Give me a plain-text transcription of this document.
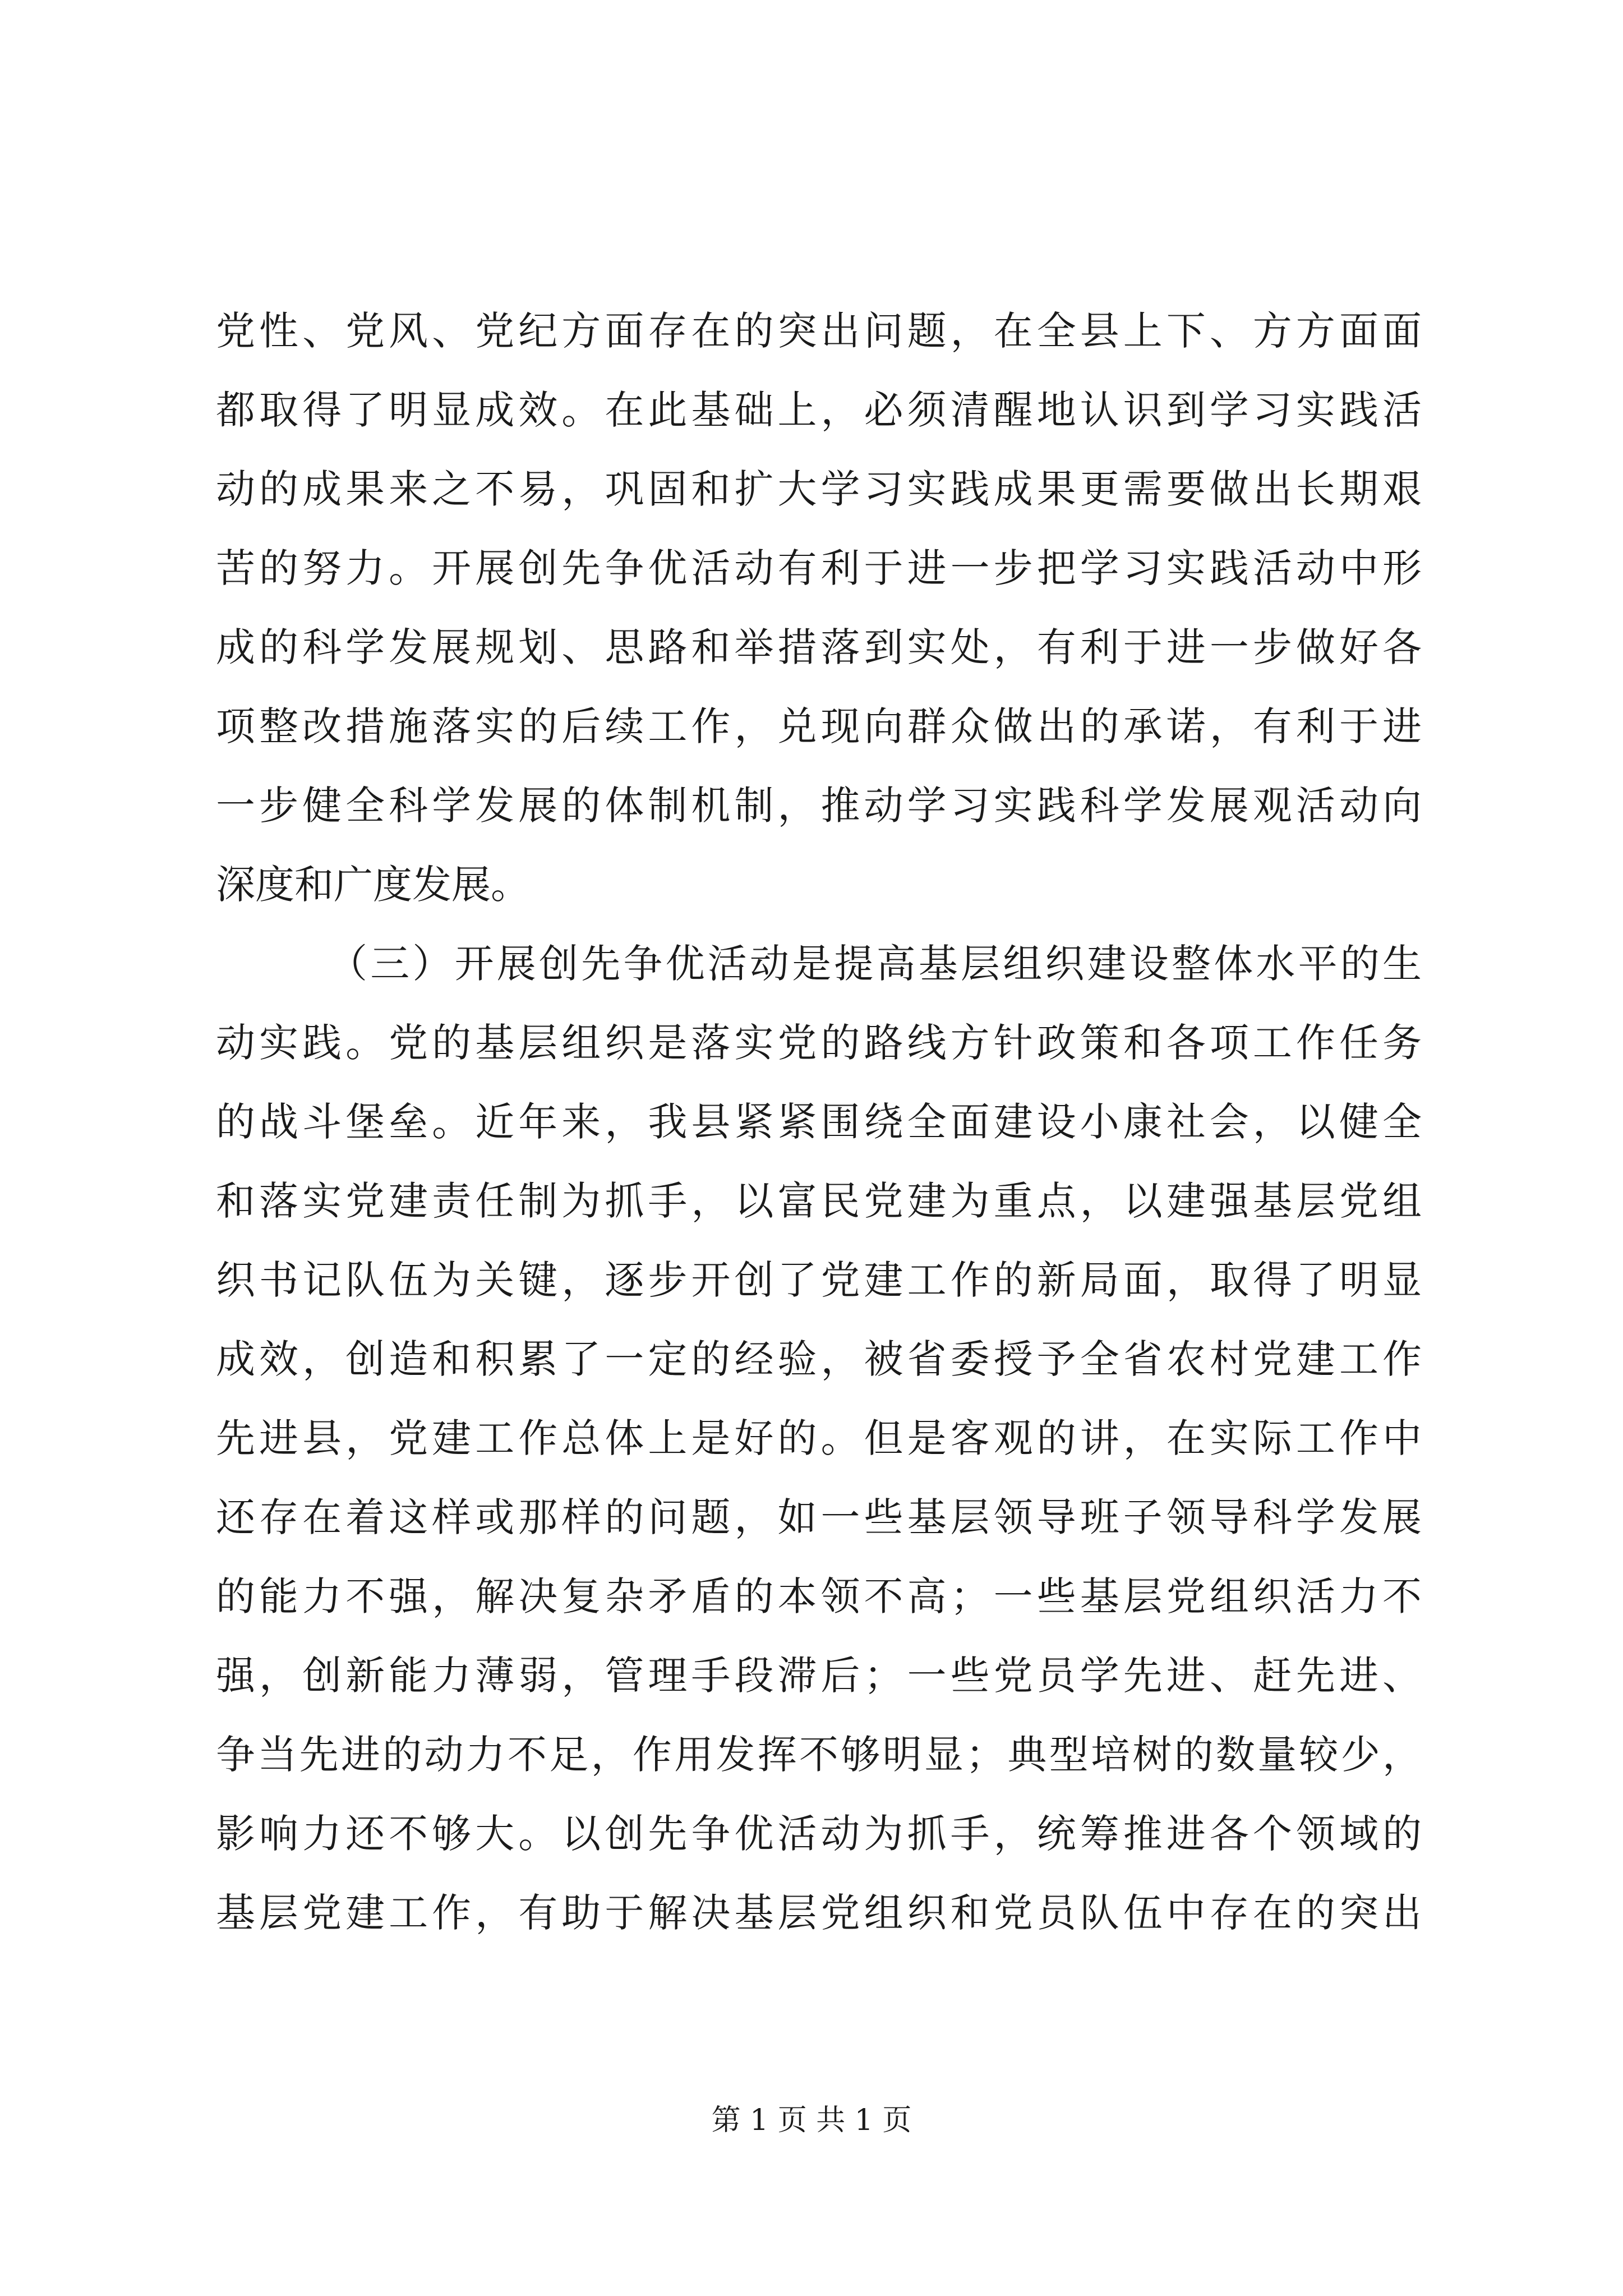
党性、党风、党纪方面存在的突出问题，在全县上下、方方面面
都取得了明显成效。在此基础上，必须清醒地认识到学习实践活
动的成果来之不易，巩固和扩大学习实践成果更需要做出长期艰
苦的努力。开展创先争优活动有利于进一步把学习实践活动中形
成的科学发展规划、思路和举措落到实处，有利于进一步做好各
项整改措施落实的后续工作，兑现向群众做出的承诺，有利于进
一步健全科学发展的体制机制，推动学习实践科学发展观活动向
深度和广度发展。
（三）开展创先争优活动是提高基层组织建设整体水平的生
动实践。党的基层组织是落实党的路线方针政策和各项工作任务
的战斗堡垒。近年来，我县紧紧围绕全面建设小康社会，以健全
和落实党建责任制为抓手，以富民党建为重点，以建强基层党组
织书记队伍为关键，逐步开创了党建工作的新局面，取得了明显
成效，创造和积累了一定的经验，被省委授予全省农村党建工作
先进县，党建工作总体上是好的。但是客观的讲，在实际工作中
还存在着这样或那样的问题，如一些基层领导班子领导科学发展
的能力不强，解决复杂矛盾的本领不高；一些基层党组织活力不
强，创新能力薄弱，管理手段滞后；一些党员学先进、赶先进、
争当先进的动力不足，作用发挥不够明显；典型培树的数量较少，
影响力还不够大。以创先争优活动为抓手，统筹推进各个领域的
基层党建工作，有助于解决基层党组织和党员队伍中存在的突出
第 1 页 共 1 页
